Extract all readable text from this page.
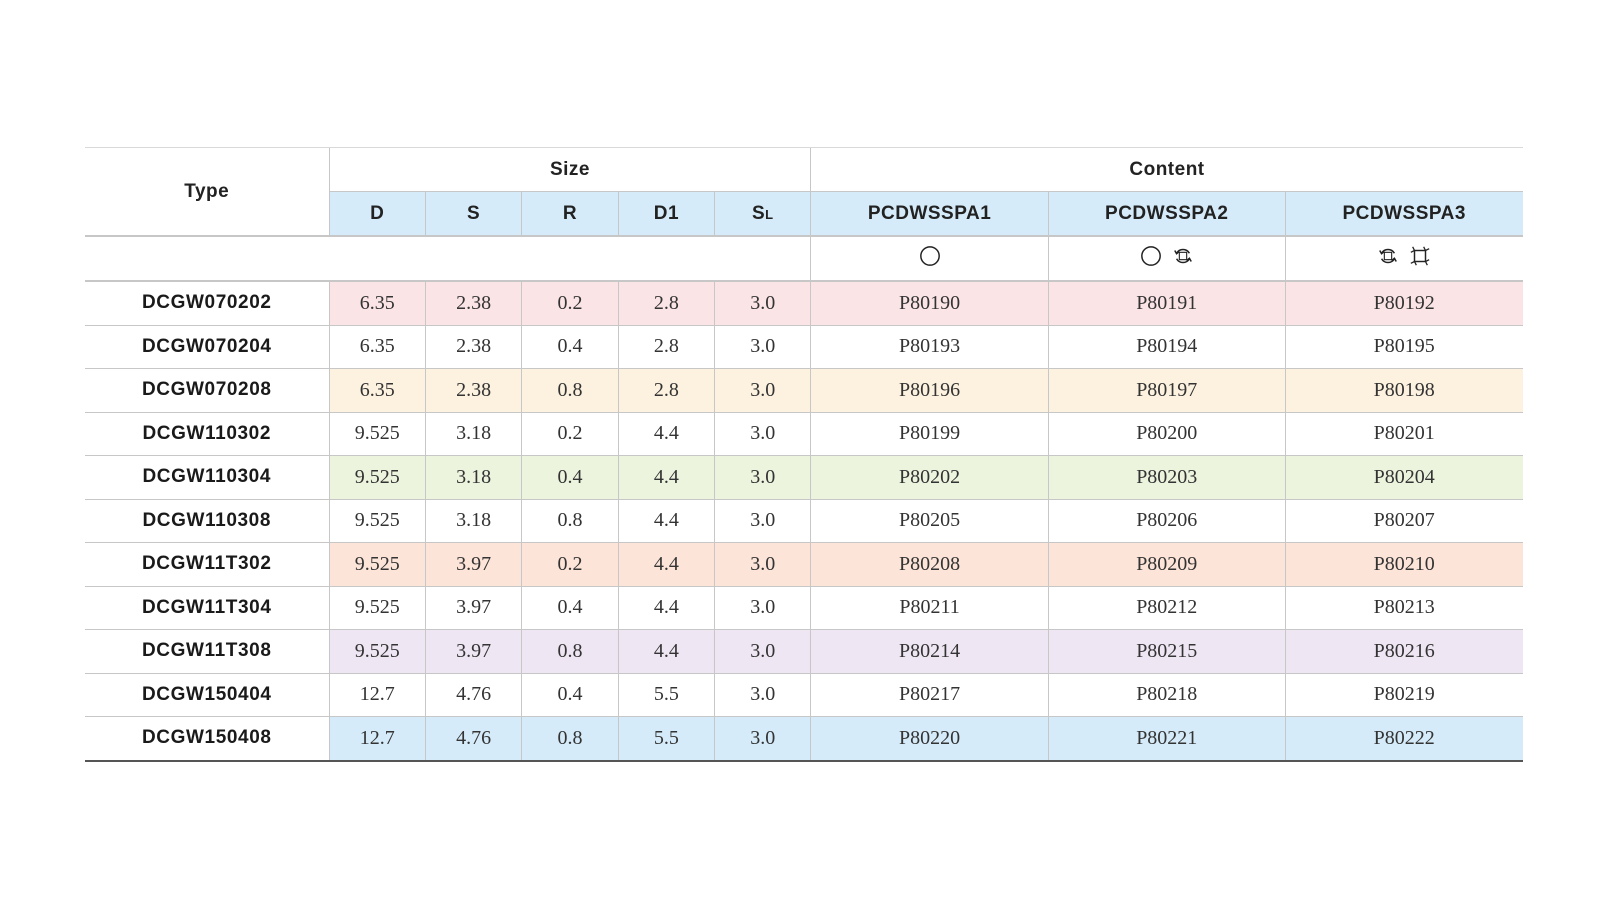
Type	Size					Content		
	D	S	R	D1	SL	PCDWSSPA1	PCDWSSPA2	PCDWSSPA3

DCGW070202	6.35	2.38	0.2	2.8	3.0	P80190	P80191	P80192
DCGW070204	6.35	2.38	0.4	2.8	3.0	P80193	P80194	P80195
DCGW070208	6.35	2.38	0.8	2.8	3.0	P80196	P80197	P80198
DCGW110302	9.525	3.18	0.2	4.4	3.0	P80199	P80200	P80201
DCGW110304	9.525	3.18	0.4	4.4	3.0	P80202	P80203	P80204
DCGW110308	9.525	3.18	0.8	4.4	3.0	P80205	P80206	P80207
DCGW11T302	9.525	3.97	0.2	4.4	3.0	P80208	P80209	P80210
DCGW11T304	9.525	3.97	0.4	4.4	3.0	P80211	P80212	P80213
DCGW11T308	9.525	3.97	0.8	4.4	3.0	P80214	P80215	P80216
DCGW150404	12.7	4.76	0.4	5.5	3.0	P80217	P80218	P80219
DCGW150408	12.7	4.76	0.8	5.5	3.0	P80220	P80221	P80222
